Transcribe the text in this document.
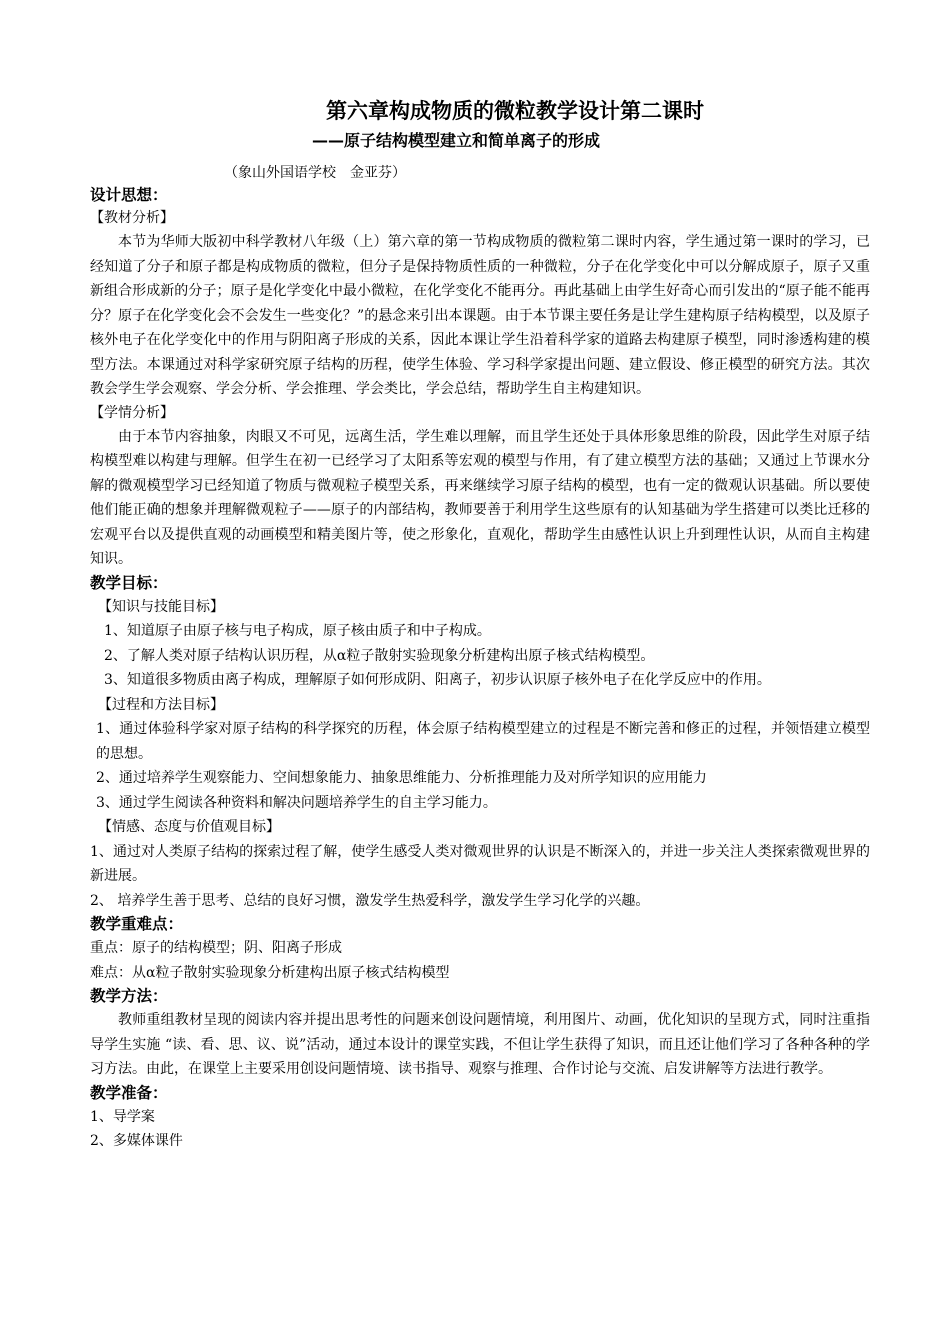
第六章构成物质的微粒教学设计第二课时
——原子结构模型建立和简单离子的形成
（象山外国语学校　金亚芬）
设计思想：
【教材分析】
本节为华师大版初中科学教材八年级（上）第六章的第一节构成物质的微粒第二课时内容，学生通过第一课时的学习，已经知道了分子和原子都是构成物质的微粒，但分子是保持物质性质的一种微粒，分子在化学变化中可以分解成原子，原子又重新组合形成新的分子；原子是化学变化中最小微粒，在化学变化不能再分。再此基础上由学生好奇心而引发出的“原子能不能再分？原子在化学变化会不会发生一些变化？”的悬念来引出本课题。由于本节课主要任务是让学生建构原子结构模型，以及原子核外电子在化学变化中的作用与阴阳离子形成的关系，因此本课让学生沿着科学家的道路去构建原子模型，同时渗透构建的模型方法。本课通过对科学家研究原子结构的历程，使学生体验、学习科学家提出问题、建立假设、修正模型的研究方法。其次教会学生学会观察、学会分析、学会推理、学会类比，学会总结，帮助学生自主构建知识。
【学情分析】
由于本节内容抽象，肉眼又不可见，远离生活，学生难以理解，而且学生还处于具体形象思维的阶段，因此学生对原子结构模型难以构建与理解。但学生在初一已经学习了太阳系等宏观的模型与作用，有了建立模型方法的基础；又通过上节课水分解的微观模型学习已经知道了物质与微观粒子模型关系，再来继续学习原子结构的模型，也有一定的微观认识基础。所以要使他们能正确的想象并理解微观粒子——原子的内部结构，教师要善于利用学生这些原有的认知基础为学生搭建可以类比迁移的宏观平台以及提供直观的动画模型和精美图片等，使之形象化，直观化，帮助学生由感性认识上升到理性认识，从而自主构建知识。
教学目标：
【知识与技能目标】
1、知道原子由原子核与电子构成，原子核由质子和中子构成。
2、了解人类对原子结构认识历程，从α粒子散射实验现象分析建构出原子核式结构模型。
3、知道很多物质由离子构成，理解原子如何形成阴、阳离子，初步认识原子核外电子在化学反应中的作用。
【过程和方法目标】
1、通过体验科学家对原子结构的科学探究的历程，体会原子结构模型建立的过程是不断完善和修正的过程，并领悟建立模型的思想。
2、通过培养学生观察能力、空间想象能力、抽象思维能力、分析推理能力及对所学知识的应用能力
3、通过学生阅读各种资料和解决问题培养学生的自主学习能力。
【情感、态度与价值观目标】
1、通过对人类原子结构的探索过程了解，使学生感受人类对微观世界的认识是不断深入的，并进一步关注人类探索微观世界的新进展。
2、 培养学生善于思考、总结的良好习惯，激发学生热爱科学，激发学生学习化学的兴趣。
教学重难点：
重点：原子的结构模型；阴、阳离子形成
难点：从α粒子散射实验现象分析建构出原子核式结构模型
教学方法：
教师重组教材呈现的阅读内容并提出思考性的问题来创设问题情境，利用图片、动画，优化知识的呈现方式，同时注重指导学生实施 “读、看、思、议、说”活动，通过本设计的课堂实践，不但让学生获得了知识，而且还让他们学习了各种各种的学习方法。由此，在课堂上主要采用创设问题情境、读书指导、观察与推理、合作讨论与交流、启发讲解等方法进行教学。
教学准备：
1、导学案
2、多媒体课件
